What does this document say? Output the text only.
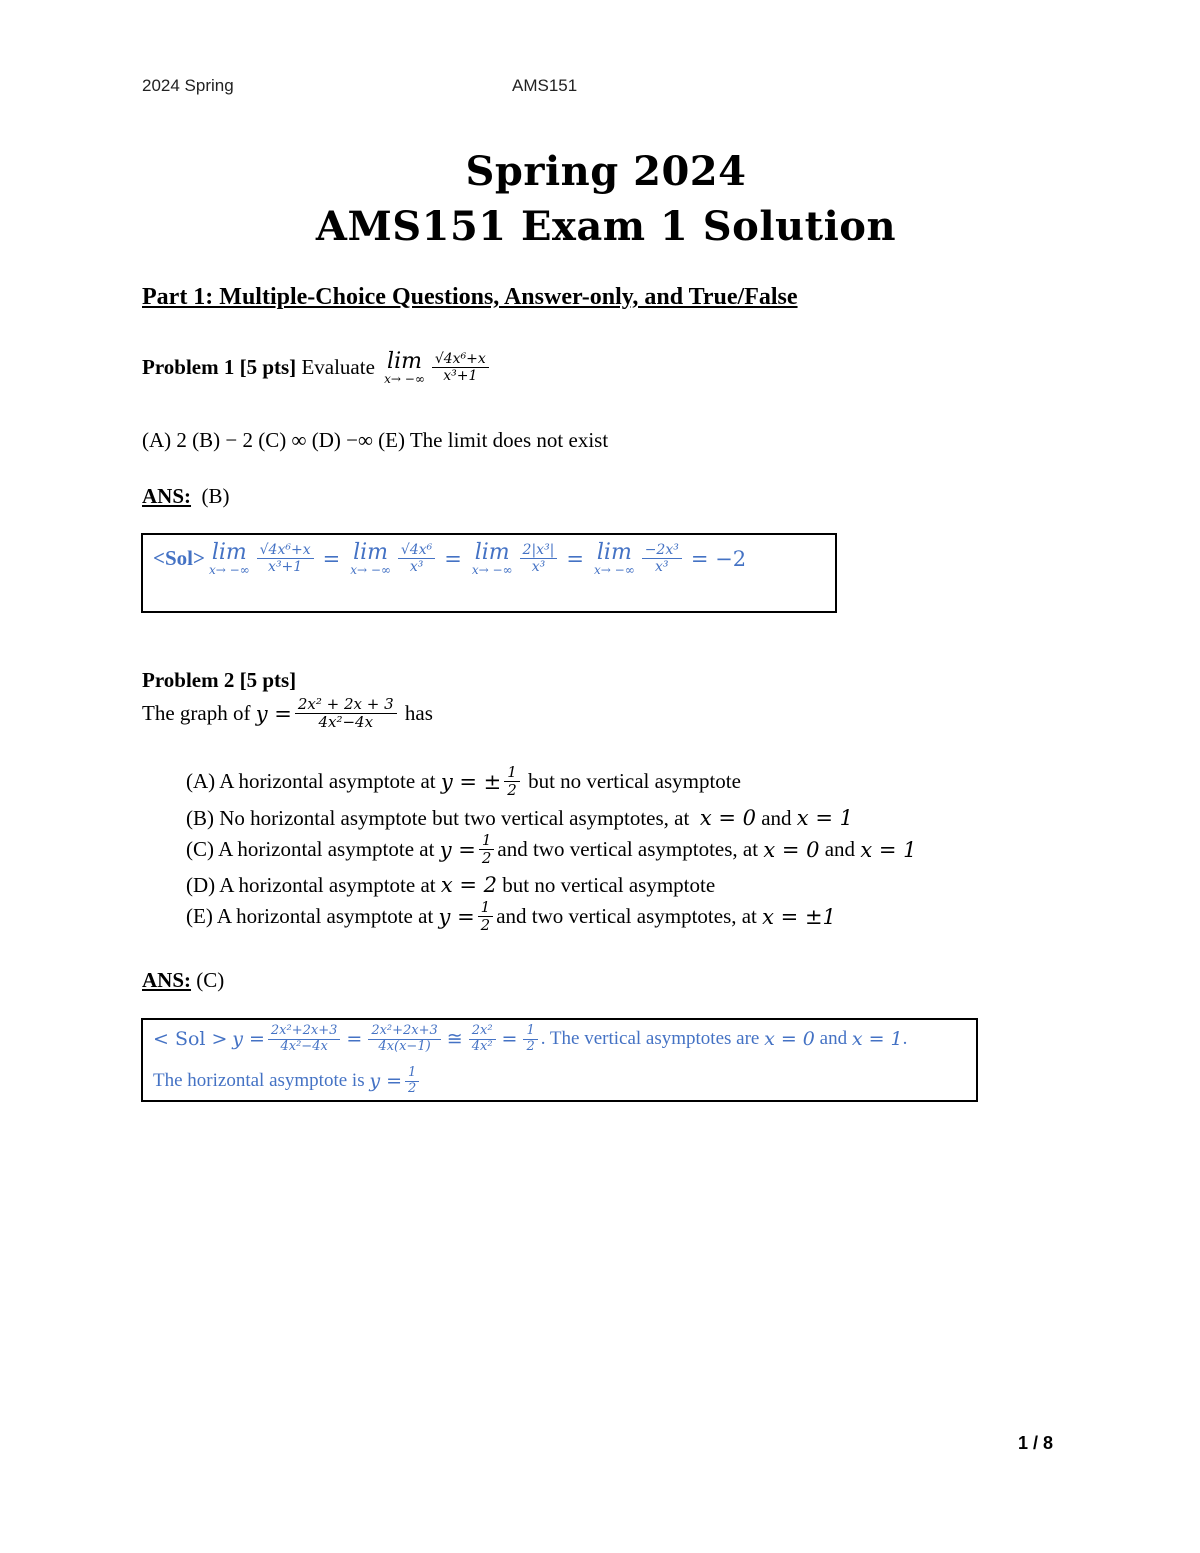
2024 Spring	AMS151
Spring 2024
AMS151 Exam 1 Solution
Part 1: Multiple-Choice Questions, Answer-only, and True/False
Problem 1 [5 pts]
Evaluate
lim
x→ −∞ $\frac{\text{√4x⁶+x}}{\text{x³+1}}$
(A) 2 (B) − 2 (C) ∞ (D) −∞ (E) The limit does not exist
ANS: (B)
<Sol> lim
x→ −∞ $\frac{\text{√4x⁶+x}}{\text{x³+1}} = \lim$
x→ −∞ $\frac{\text{√4x⁶}}{\text{x³}} = \lim$
x→ −∞ $\frac{\text{2|x³|}}{\text{x³}} = \lim$
x→ −∞ $\frac{\text{−2x³}}{\text{x³}} = -2$
Problem 2 [5 pts]
The graph of
$y = \frac{\text{2x² + 2x + 3}}{\text{4x²−4x}}$
has
(A) A horizontal asymptote at
y = ± $\frac{1}{2}$
but no vertical asymptote
(B) No horizontal asymptote but two vertical asymptotes, at x = 0 and x = 1
(C) A horizontal asymptote at
$y = \frac{1}{2}$ and two vertical asymptotes, at
x = 0
and
x = 1
(D) A horizontal asymptote at x = 2 but no vertical asymptote
(E) A horizontal asymptote at
$y = \frac{1}{2}$ and two vertical asymptotes, at
x = ±1
ANS: (C)
< Sol >
$y = \frac{\text{2x²+2x+3}}{\text{4x²−4x}} = \frac{\text{2x²+2x+3}}{4x(x-1)}$ ≅ $\frac{\text{2x²}}{\text{4x²}} = \frac{1}{2}$ . The vertical asymptotes are
x = 0
and
x = 1 .
The horizontal asymptote is
$y = \frac{1}{2}$
1 / 8
